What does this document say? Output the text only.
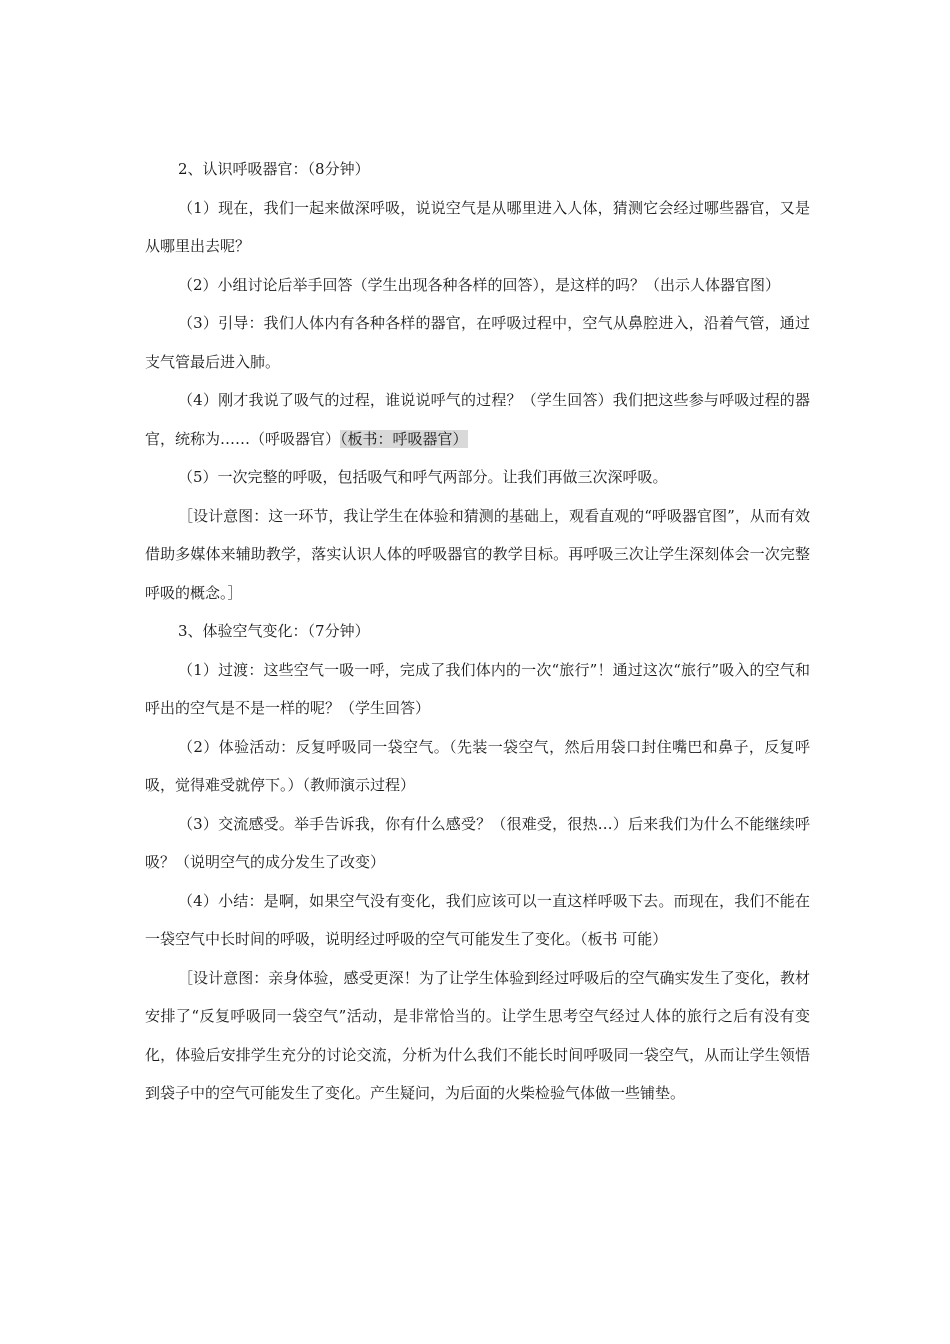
2、认识呼吸器官：（8分钟）

（1）现在，我们一起来做深呼吸，说说空气是从哪里进入人体，猜测它会经过哪些器官，又是从哪里出去呢？

（2）小组讨论后举手回答（学生出现各种各样的回答），是这样的吗？（出示人体器官图）

（3）引导：我们人体内有各种各样的器官，在呼吸过程中，空气从鼻腔进入，沿着气管，通过支气管最后进入肺。

（4）刚才我说了吸气的过程，谁说说呼气的过程？（学生回答）我们把这些参与呼吸过程的器官，统称为……（呼吸器官）（板书：呼吸器官）

（5）一次完整的呼吸，包括吸气和呼气两部分。让我们再做三次深呼吸。

［设计意图：这一环节，我让学生在体验和猜测的基础上，观看直观的“呼吸器官图”，从而有效借助多媒体来辅助教学，落实认识人体的呼吸器官的教学目标。再呼吸三次让学生深刻体会一次完整呼吸的概念。］

3、体验空气变化：（7分钟）

（1）过渡：这些空气一吸一呼，完成了我们体内的一次“旅行”！通过这次“旅行”吸入的空气和呼出的空气是不是一样的呢？（学生回答）

（2）体验活动：反复呼吸同一袋空气。（先装一袋空气，然后用袋口封住嘴巴和鼻子，反复呼吸，觉得难受就停下。）（教师演示过程）

（3）交流感受。举手告诉我，你有什么感受？（很难受，很热…）后来我们为什么不能继续呼吸？（说明空气的成分发生了改变）

（4）小结：是啊，如果空气没有变化，我们应该可以一直这样呼吸下去。而现在，我们不能在一袋空气中长时间的呼吸，说明经过呼吸的空气可能发生了变化。（板书 可能）

［设计意图：亲身体验，感受更深！为了让学生体验到经过呼吸后的空气确实发生了变化，教材安排了“反复呼吸同一袋空气”活动，是非常恰当的。让学生思考空气经过人体的旅行之后有没有变化，体验后安排学生充分的讨论交流，分析为什么我们不能长时间呼吸同一袋空气，从而让学生领悟到袋子中的空气可能发生了变化。产生疑问，为后面的火柴检验气体做一些铺垫。
